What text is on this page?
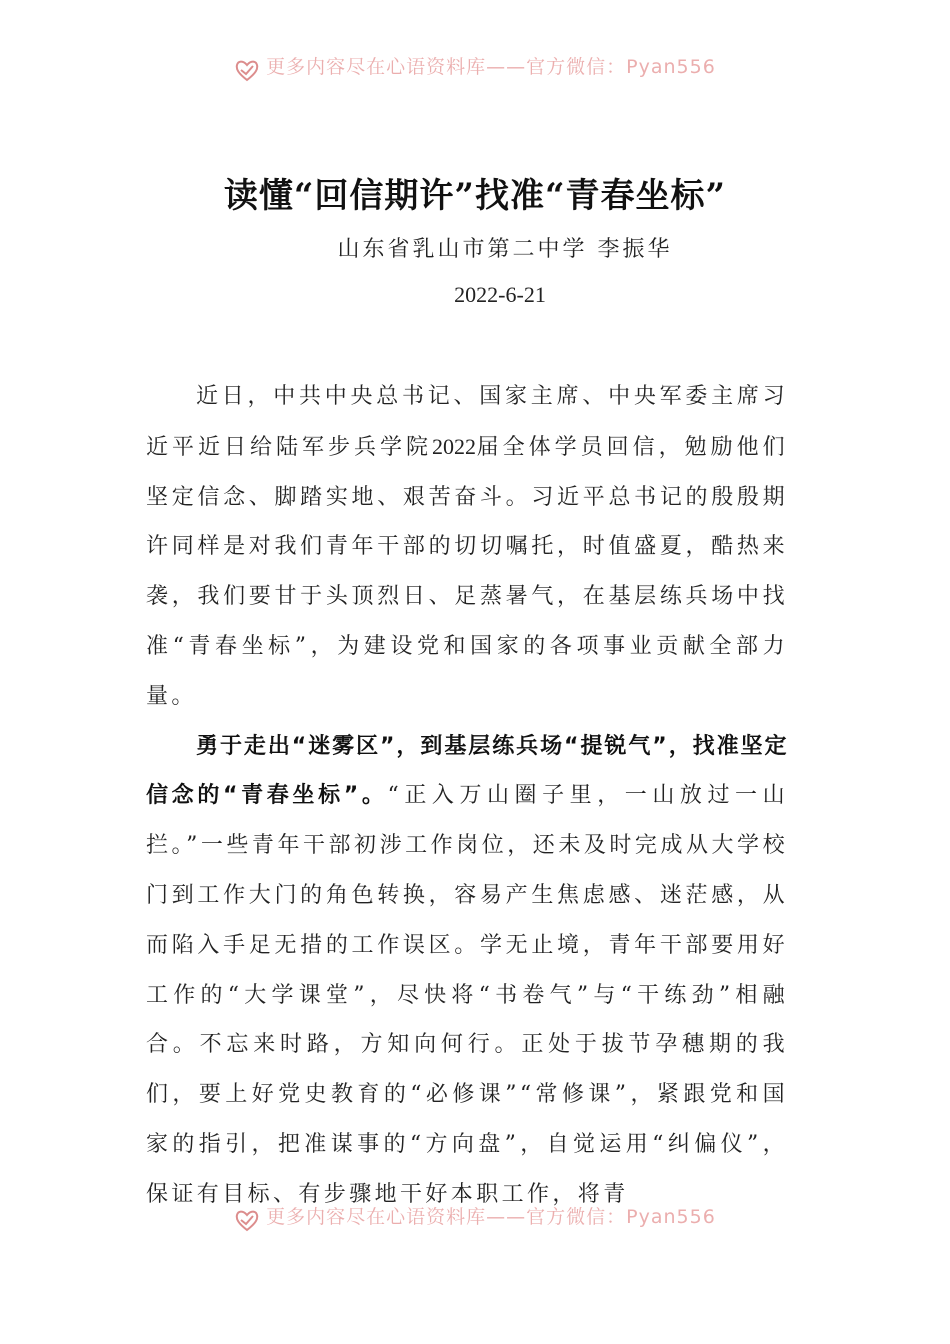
更多内容尽在心语资料库——官方微信：Pyan556
读懂“回信期许”找准“青春坐标”
山东省乳山市第二中学 李振华
2022-6-21

近日，中共中央总书记、国家主席、中央军委主席习近平近日给陆军步兵学院2022届全体学员回信，勉励他们坚定信念、脚踏实地、艰苦奋斗。习近平总书记的殷殷期许同样是对我们青年干部的切切嘱托，时值盛夏，酷热来袭，我们要甘于头顶烈日、足蒸暑气，在基层练兵场中找准“青春坐标”，为建设党和国家的各项事业贡献全部力量。

勇于走出“迷雾区”，到基层练兵场“提锐气”，找准坚定信念的“青春坐标”。“正入万山圈子里，一山放过一山拦。”一些青年干部初涉工作岗位，还未及时完成从大学校门到工作大门的角色转换，容易产生焦虑感、迷茫感，从而陷入手足无措的工作误区。学无止境，青年干部要用好工作的“大学课堂”，尽快将“书卷气”与“干练劲”相融合。不忘来时路，方知向何行。正处于拔节孕穗期的我们，要上好党史教育的“必修课”“常修课”，紧跟党和国家的指引，把准谋事的“方向盘”，自觉运用“纠偏仪”，保证有目标、有步骤地干好本职工作，将青

更多内容尽在心语资料库——官方微信：Pyan556
